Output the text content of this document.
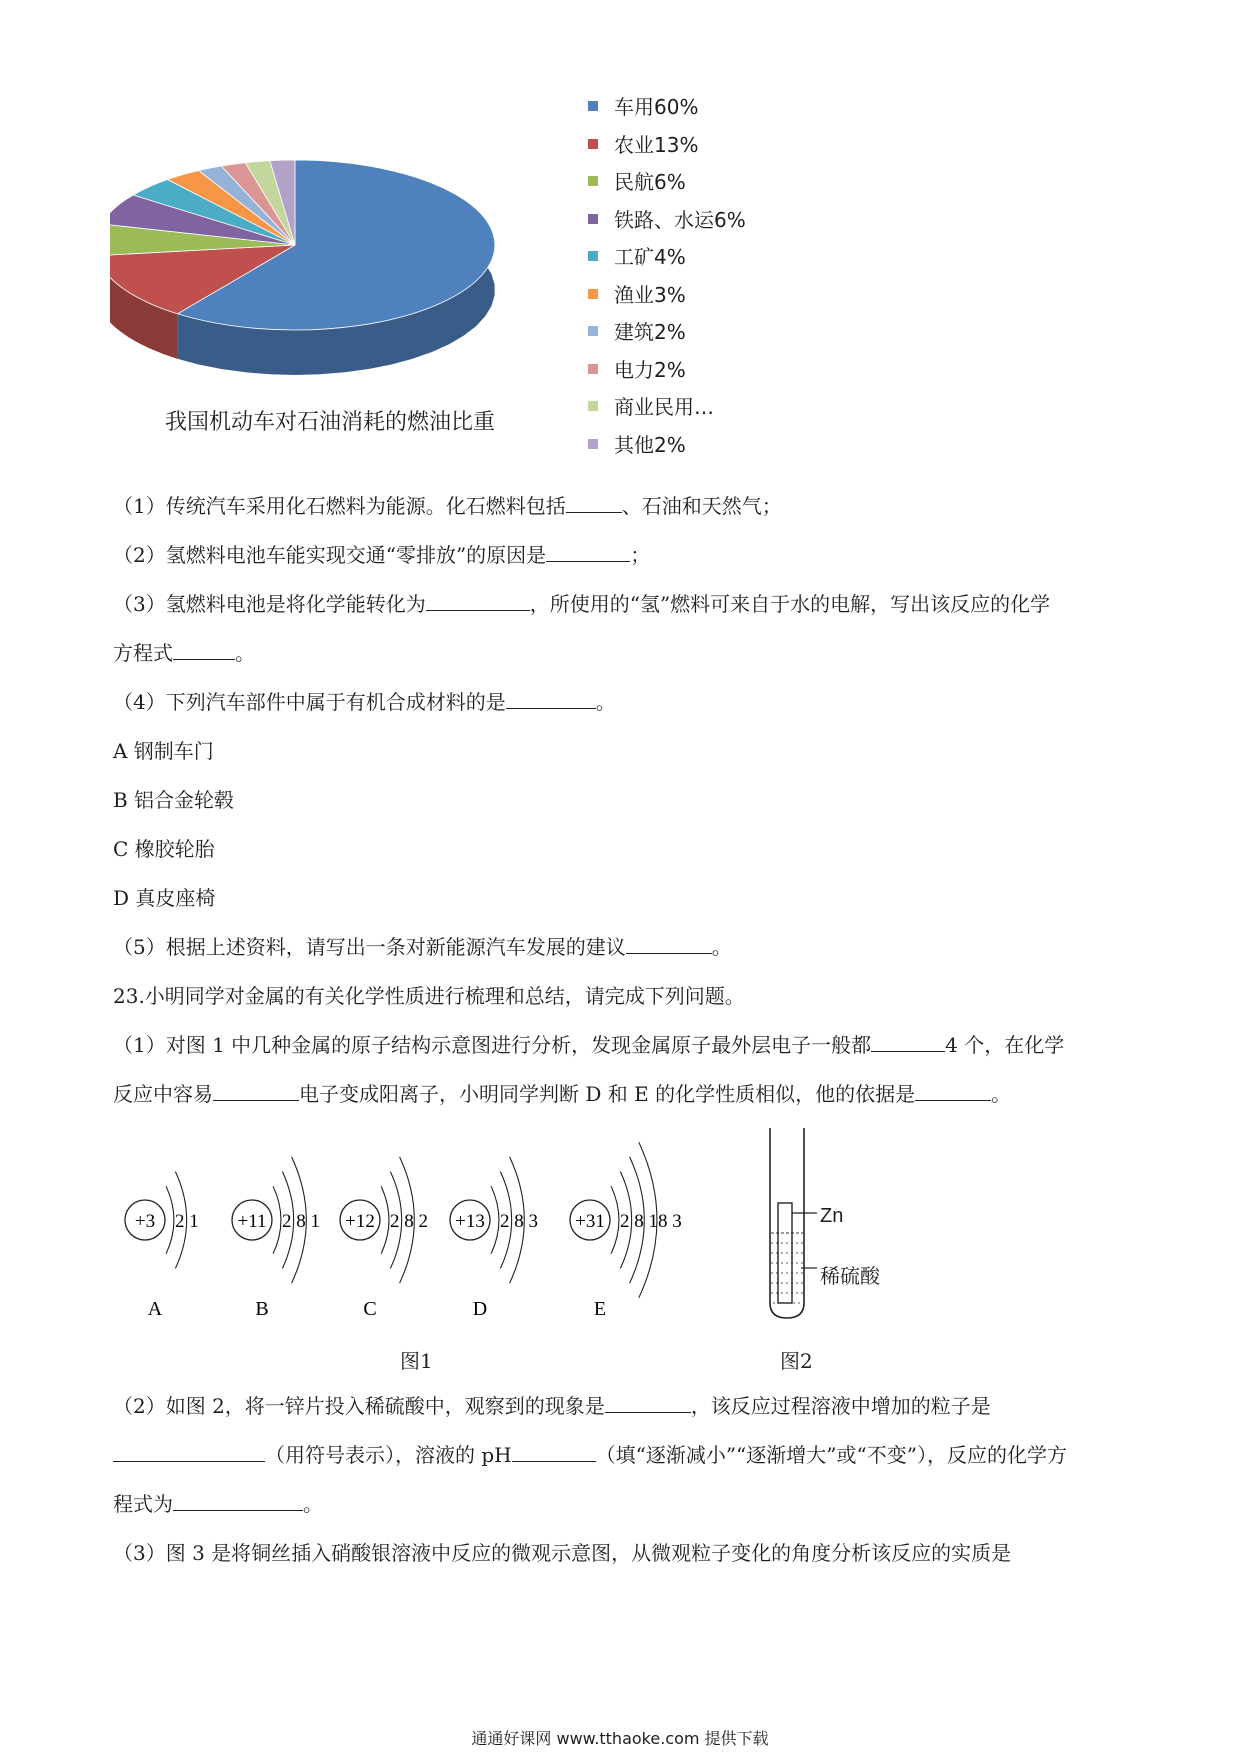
我国机动车对石油消耗的燃油比重
车用60%
农业13%
民航6%
铁路、水运6%
工矿4%
渔业3%
建筑2%
电力2%
商业民用…
其他2%
（1）传统汽车采用化石燃料为能源。化石燃料包括	、石油和天然气；
（2）氢燃料电池车能实现交通“零排放”的原因是	；
（3）氢燃料电池是将化学能转化为	，所使用的“氢”燃料可来自于水的电解，写出该反应的化学
方程式	。
（4）下列汽车部件中属于有机合成材料的是	。
A 钢制车门
B 铝合金轮毂
C 橡胶轮胎
D 真皮座椅
（5）根据上述资料，请写出一条对新能源汽车发展的建议	。
23.小明同学对金属的有关化学性质进行梳理和总结，请完成下列问题。
（1）对图 1 中几种金属的原子结构示意图进行分析，发现金属原子最外层电子一般都	4 个，在化学
反应中容易	电子变成阳离子，小明同学判断 D 和 E 的化学性质相似，他的依据是	。
+3 2 1
A
+11 2 8 1
B
+12 2 8 2
C
+13 2 8 3
D
+31 2 8 18 3
E
图1
Zn
稀硫酸
图2
（2）如图 2，将一锌片投入稀硫酸中，观察到的现象是	，该反应过程溶液中增加的粒子是
（用符号表示），溶液的 pH	（填“逐渐减小”“逐渐增大”或“不变”），反应的化学方
程式为	。
（3）图 3 是将铜丝插入硝酸银溶液中反应的微观示意图，从微观粒子变化的角度分析该反应的实质是
通通好课网 www.tthaoke.com 提供下载
